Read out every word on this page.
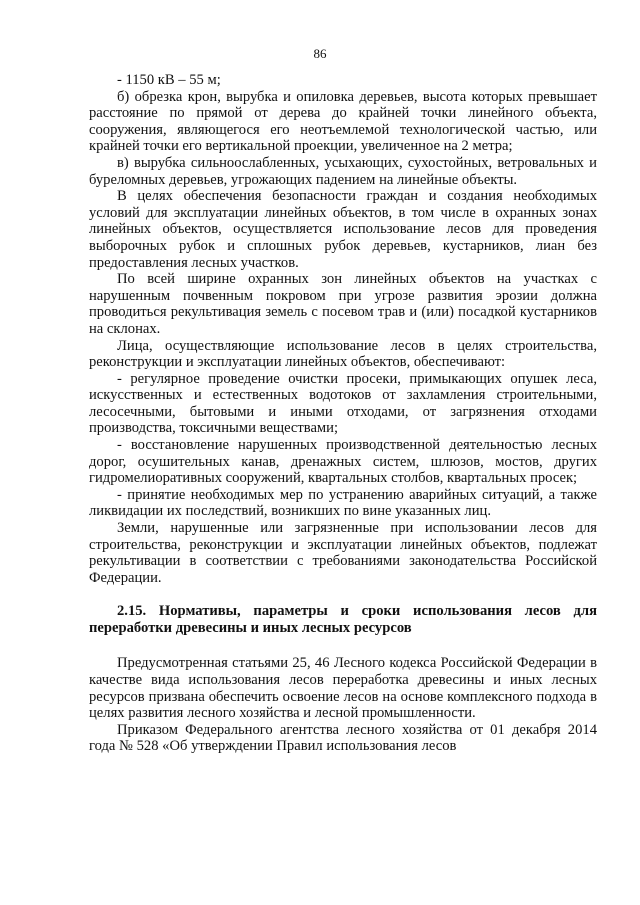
86

- 1150 кВ – 55 м;

б) обрезка крон, вырубка и опиловка деревьев, высота которых превышает расстояние по прямой от дерева до крайней точки линейного объекта, сооружения, являющегося его неотъемлемой технологической частью, или крайней точки его вертикальной проекции, увеличенное на 2 метра;

в) вырубка сильноослабленных, усыхающих, сухостойных, ветровальных и буреломных деревьев, угрожающих падением на линейные объекты.

В целях обеспечения безопасности граждан и создания необходимых условий для эксплуатации линейных объектов, в том числе в охранных зонах линейных объектов, осуществляется использование лесов для проведения выборочных рубок и сплошных рубок деревьев, кустарников, лиан без предоставления лесных участков.

По всей ширине охранных зон линейных объектов на участках с нарушенным почвенным покровом при угрозе развития эрозии должна проводиться рекультивация земель с посевом трав и (или) посадкой кустарников на склонах.

Лица, осуществляющие использование лесов в целях строительства, реконструкции и эксплуатации линейных объектов, обеспечивают:

- регулярное проведение очистки просеки, примыкающих опушек леса, искусственных и естественных водотоков от захламления строительными, лесосечными, бытовыми и иными отходами, от загрязнения отходами производства, токсичными веществами;

- восстановление нарушенных производственной деятельностью лесных дорог, осушительных канав, дренажных систем, шлюзов, мостов, других гидромелиоративных сооружений, квартальных столбов, квартальных просек;

- принятие необходимых мер по устранению аварийных ситуаций, а также ликвидации их последствий, возникших по вине указанных лиц.

Земли, нарушенные или загрязненные при использовании лесов для строительства, реконструкции и эксплуатации линейных объектов, подлежат рекультивации в соответствии с требованиями законодательства Российской Федерации.

2.15. Нормативы, параметры и сроки использования лесов для переработки древесины и иных лесных ресурсов

Предусмотренная статьями 25, 46 Лесного кодекса Российской Федерации в качестве вида использования лесов переработка древесины и иных лесных ресурсов призвана обеспечить освоение лесов на основе комплексного подхода в целях развития лесного хозяйства и лесной промышленности.

Приказом Федерального агентства лесного хозяйства от 01 декабря 2014 года № 528 «Об утверждении Правил использования лесов
